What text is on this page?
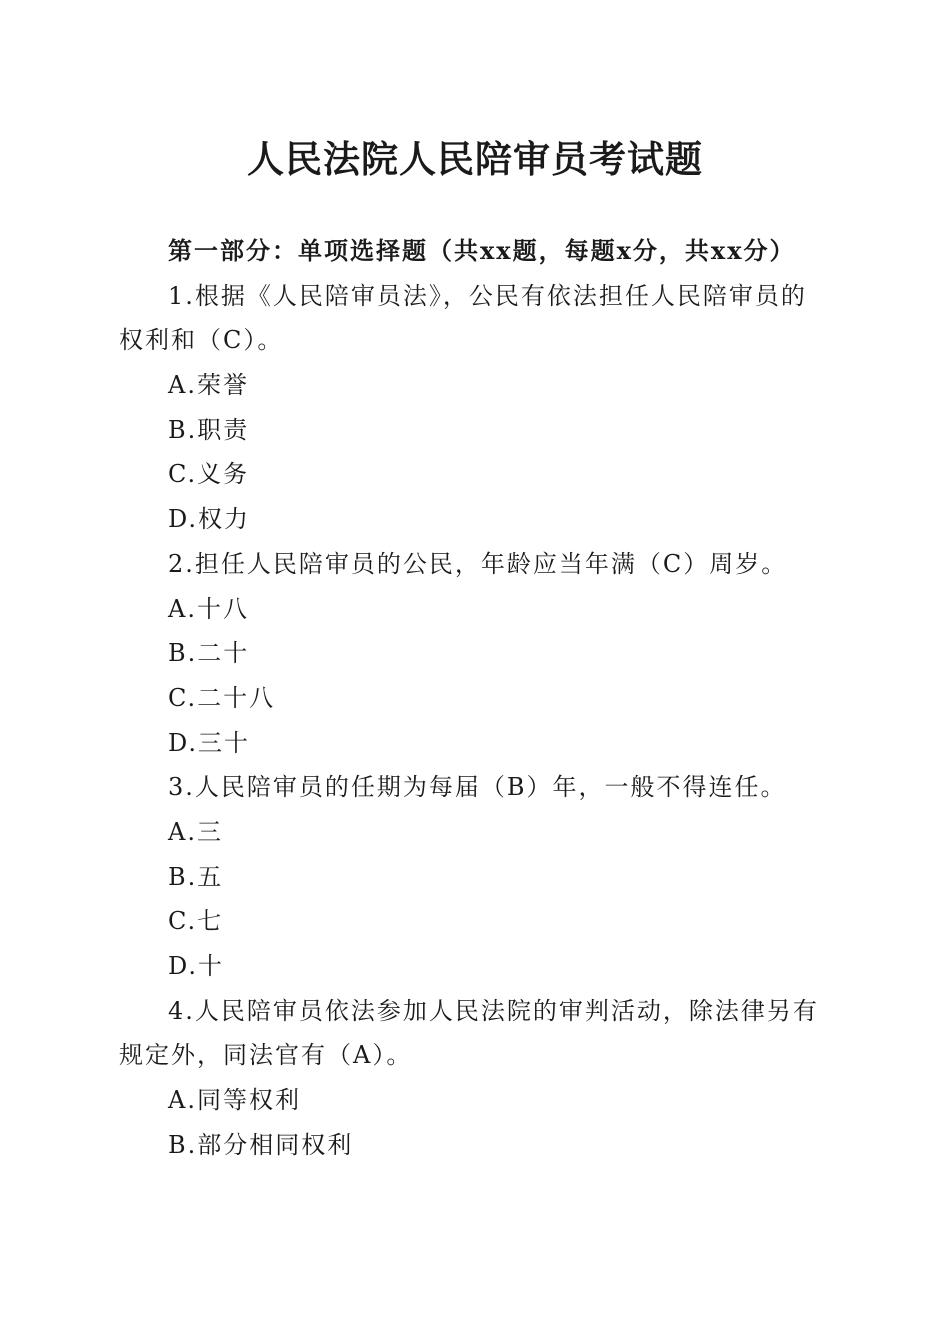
人民法院人民陪审员考试题

第一部分：单项选择题（共xx题，每题x分，共xx分）

1.根据《人民陪审员法》，公民有依法担任人民陪审员的

权利和（C）。

A.荣誉

B.职责

C.义务

D.权力

2.担任人民陪审员的公民，年龄应当年满（C）周岁。

A.十八

B.二十

C.二十八

D.三十

3.人民陪审员的任期为每届（B）年，一般不得连任。

A.三

B.五

C.七

D.十

4.人民陪审员依法参加人民法院的审判活动，除法律另有

规定外，同法官有（A）。

A.同等权利

B.部分相同权利
